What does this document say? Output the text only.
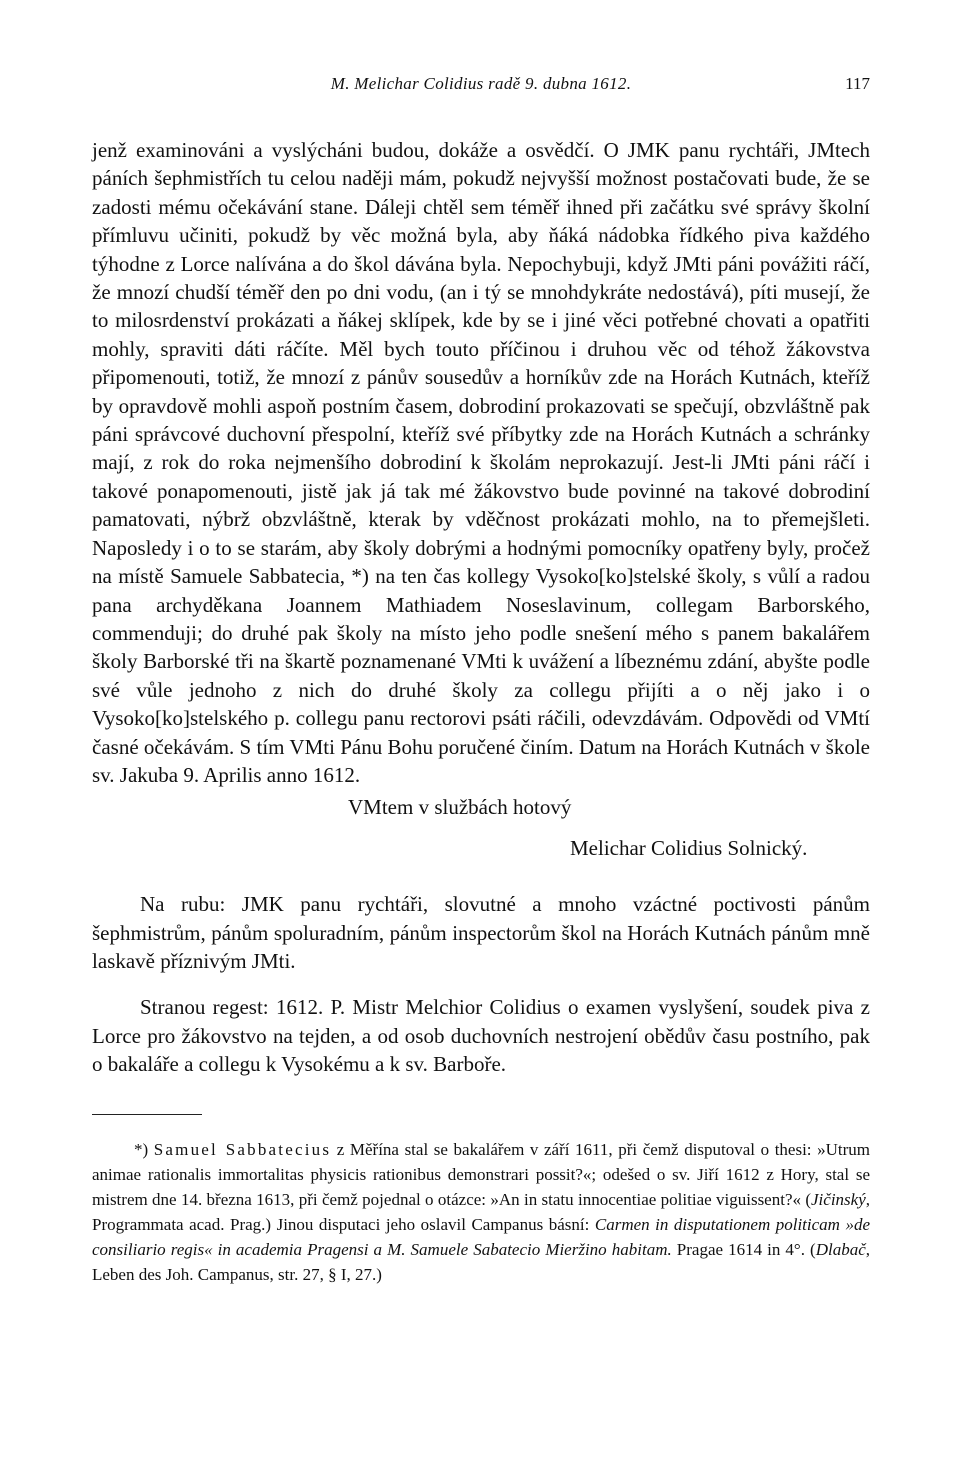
M. Melichar Colidius radě 9. dubna 1612.	117

jenž examinováni a vyslýcháni budou, dokáže a osvědčí. O JMK panu rychtáři, JMtech páních šephmistřích tu celou naději mám, pokudž nejvyšší možnost postačovati bude, že se zadosti mému očekávání stane. Dáleji chtěl sem téměř ihned při začátku své správy školní přímluvu učiniti, pokudž by věc možná byla, aby ňáká nádobka řídkého piva každého týhodne z Lorce nalívána a do škol dávána byla. Nepochybuji, když JMti páni povážiti ráčí, že mnozí chudší téměř den po dni vodu, (an i tý se mnohdykráte nedostává), píti musejí, že to milosrdenství prokázati a ňákej sklípek, kde by se i jiné věci potřebné chovati a opatřiti mohly, spraviti dáti ráčíte. Měl bych touto příčinou i druhou věc od téhož žákovstva připomenouti, totiž, že mnozí z pánův sousedův a horníkův zde na Horách Kutnách, kteříž by opravdově mohli aspoň postním časem, dobrodiní prokazovati se spečují, obzvláštně pak páni správcové duchovní přespolní, kteříž své příbytky zde na Horách Kutnách a schránky mají, z rok do roka nejmenšího dobrodiní k školám neprokazují. Jest-li JMti páni ráčí i takové ponapomenouti, jistě jak já tak mé žákovstvo bude povinné na takové dobrodiní pamatovati, nýbrž obzvláštně, kterak by vděčnost prokázati mohlo, na to přemejšleti. Naposledy i o to se starám, aby školy dobrými a hodnými pomocníky opatřeny byly, pročež na místě Samuele Sabbatecia, *) na ten čas kollegy Vysoko[ko]stelské školy, s vůlí a radou pana archyděkana Joannem Mathiadem Noseslavinum, collegam Barborského, commenduji; do druhé pak školy na místo jeho podle snešení mého s panem bakalářem školy Barborské tři na škartě poznamenané VMti k uvážení a líbeznému zdání, abyšte podle své vůle jednoho z nich do druhé školy za collegu přijíti a o něj jako i o Vysoko[ko]stelského p. collegu panu rectorovi psáti ráčili, odevzdávám. Odpovědi od VMtí časné očekávám. S tím VMti Pánu Bohu poručené činím. Datum na Horách Kutnách v škole sv. Jakuba 9. Aprilis anno 1612.

VMtem v službách hotový
Melichar Colidius Solnický.

Na rubu: JMK panu rychtáři, slovutné a mnoho vzáctné poctivosti pánům šephmistrům, pánům spoluradním, pánům inspectorům škol na Horách Kutnách pánům mně laskavě příznivým JMti.

Stranou regest: 1612. P. Mistr Melchior Colidius o examen vyslyšení, soudek piva z Lorce pro žákovstvo na tejden, a od osob duchovních nestrojení obědův času postního, pak o bakaláře a collegu k Vysokému a k sv. Barboře.

*) Samuel Sabbatecius z Měřína stal se bakalářem v září 1611, při čemž disputoval o thesi: »Utrum animae rationalis immortalitas physicis rationibus demonstrari possit?«; odešed o sv. Jiří 1612 z Hory, stal se mistrem dne 14. března 1613, při čemž pojednal o otázce: »An in statu innocentiae politiae viguissent?« (Jičinský, Programmata acad. Prag.) Jinou disputaci jeho oslavil Campanus básní: Carmen in disputationem politicam »de consiliario regis« in academia Pragensi a M. Samuele Sabatecio Mieržino habitam. Pragae 1614 in 4°. (Dlabač, Leben des Joh. Campanus, str. 27, § I, 27.)
